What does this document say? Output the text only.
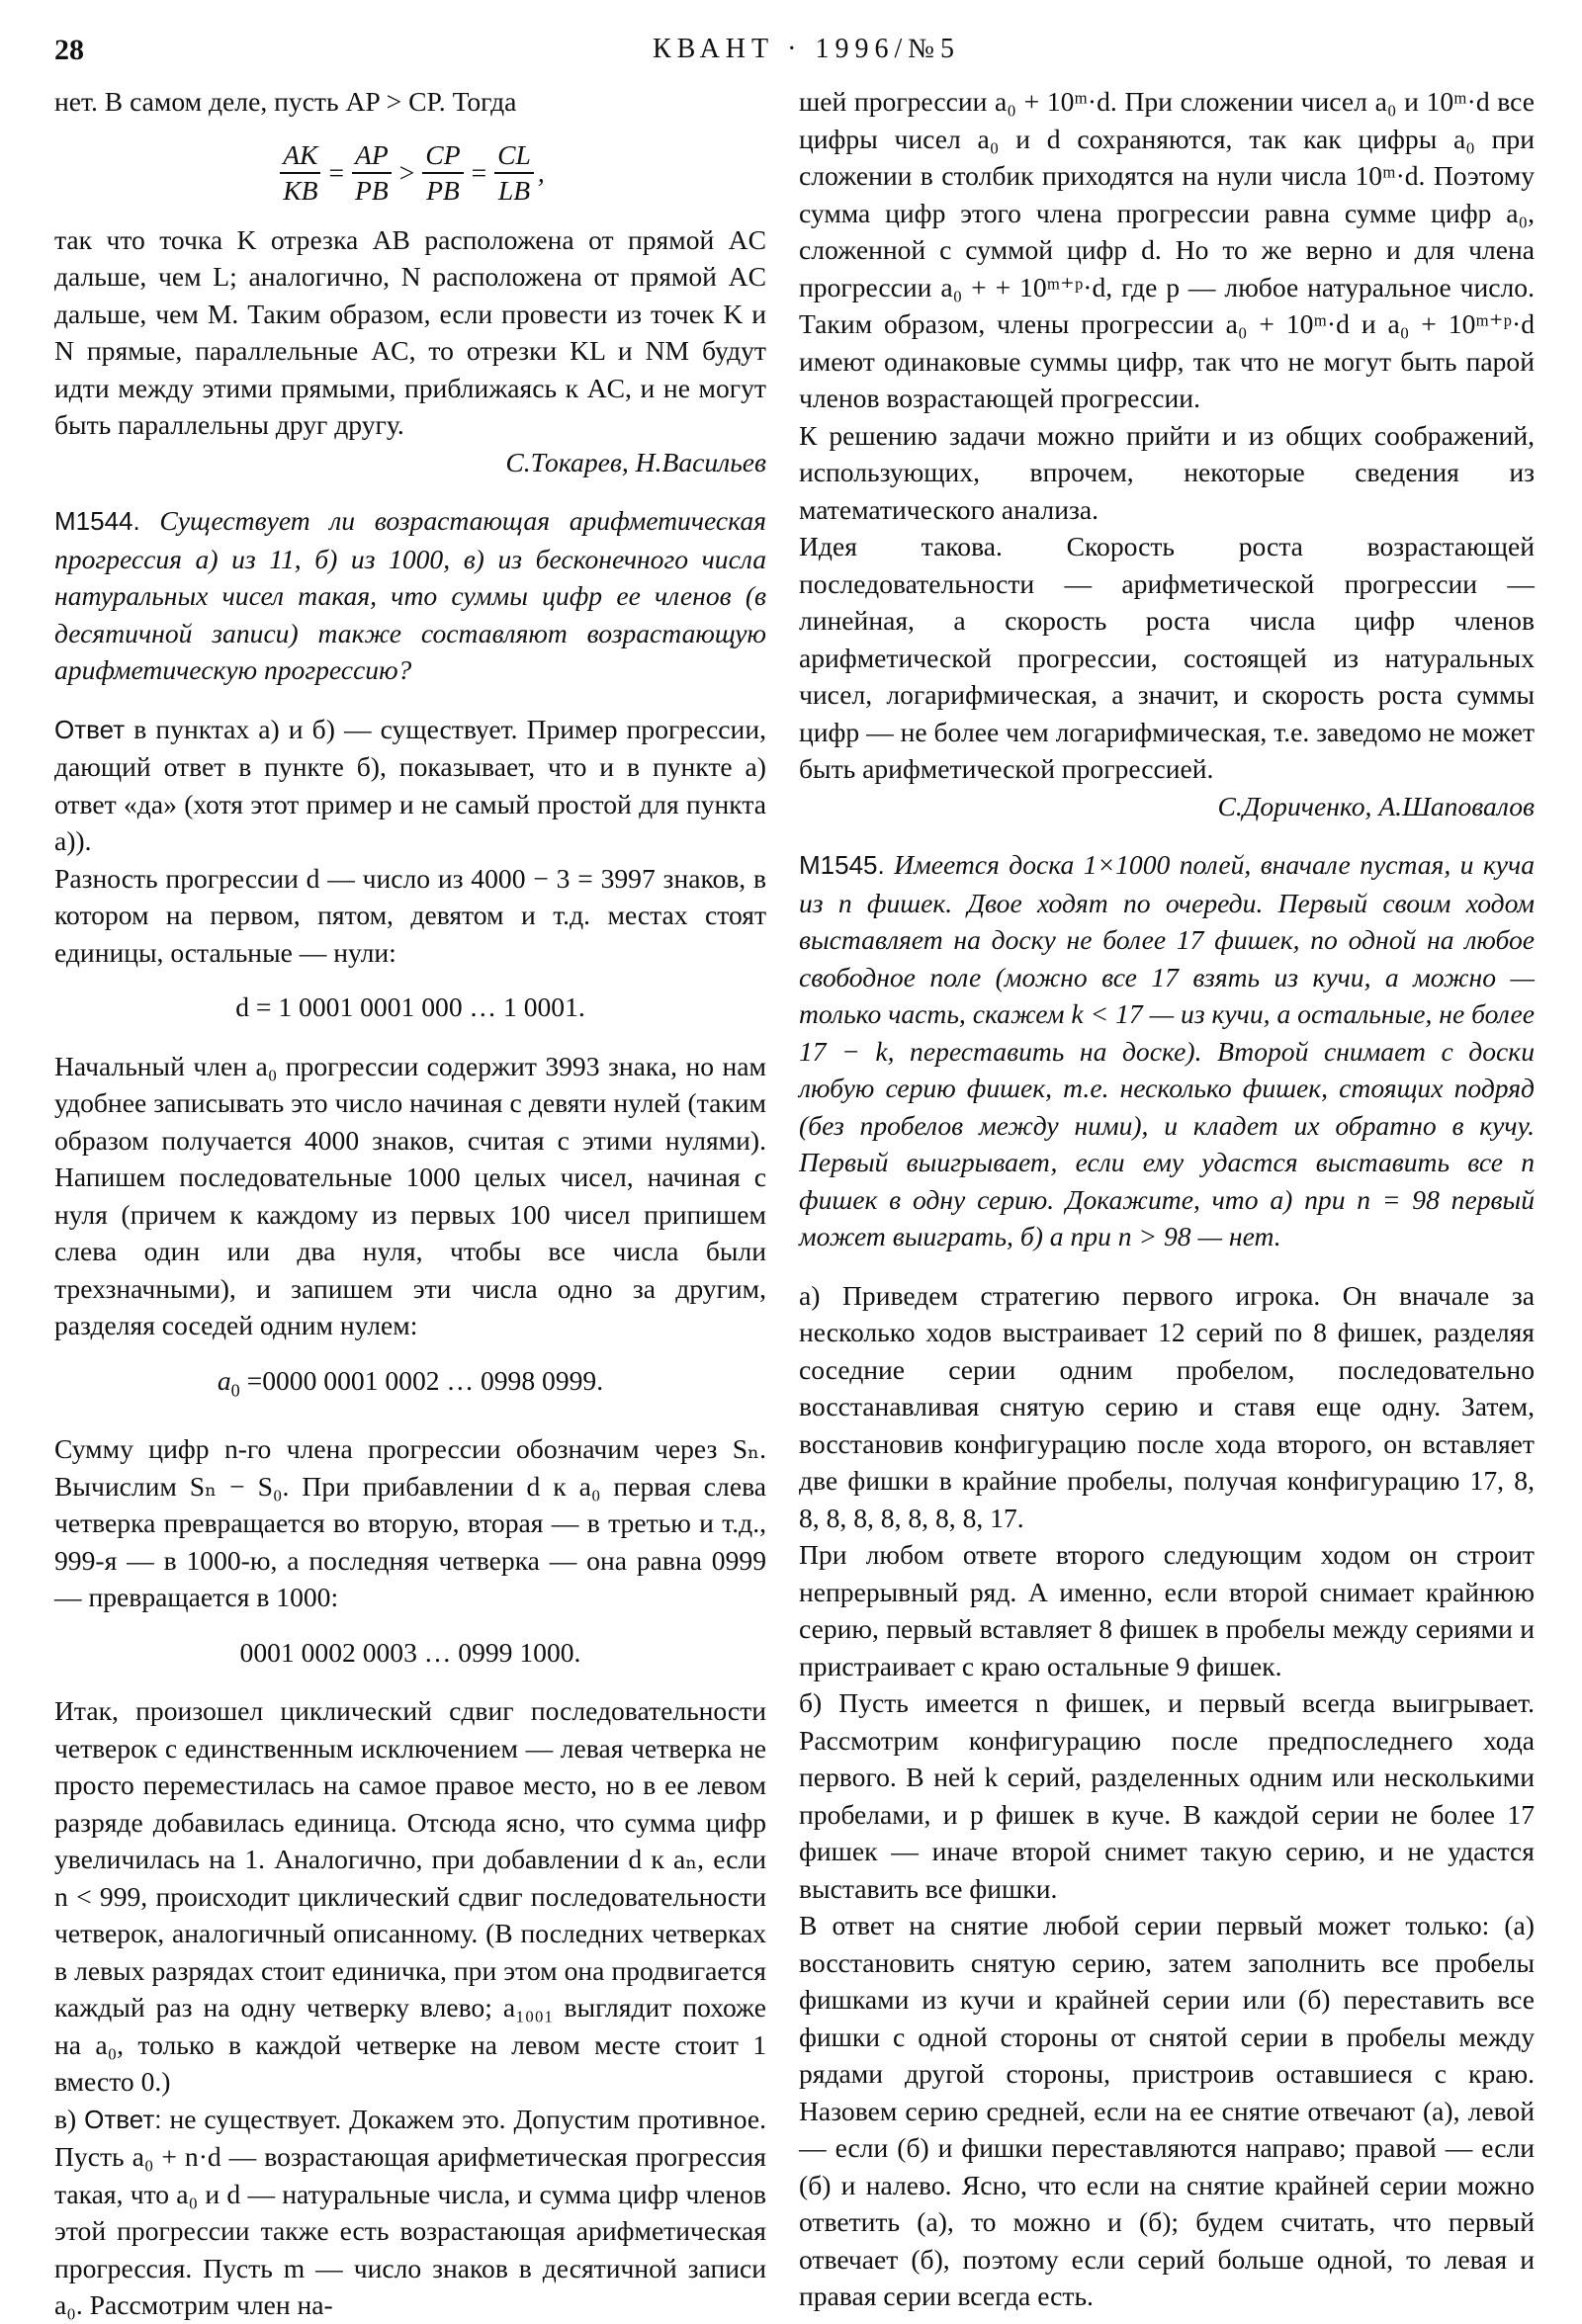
28	КВАНТ · 1996/№5

нет. В самом деле, пусть AP > CP. Тогда

$\frac{AK}{KB} = \frac{AP}{PB} > \frac{CP}{PB} = \frac{CL}{LB}$ ,

так что точка K отрезка AB расположена от прямой AC дальше, чем L; аналогично, N расположена от прямой AC дальше, чем M. Таким образом, если провести из точек K и N прямые, параллельные AC, то отрезки KL и NM будут идти между этими прямыми, приближаясь к AC, и не могут быть параллельны друг другу.

С.Токарев, Н.Васильев

М1544. Существует ли возрастающая арифметическая прогрессия а) из 11, б) из 1000, в) из бесконечного числа натуральных чисел такая, что суммы цифр ее членов (в десятичной записи) также составляют возрастающую арифметическую прогрессию?

Ответ в пунктах а) и б) — существует. Пример прогрессии, дающий ответ в пункте б), показывает, что и в пункте а) ответ «да» (хотя этот пример и не самый простой для пункта а)).

Разность прогрессии d — число из 4000 − 3 = 3997 знаков, в котором на первом, пятом, девятом и т.д. местах стоят единицы, остальные — нули:

d = 1 0001 0001 000 … 1 0001.

Начальный член a₀ прогрессии содержит 3993 знака, но нам удобнее записывать это число начиная с девяти нулей (таким образом получается 4000 знаков, считая с этими нулями). Напишем последовательные 1000 целых чисел, начиная с нуля (причем к каждому из первых 100 чисел припишем слева один или два нуля, чтобы все числа были трехзначными), и запишем эти числа одно за другим, разделяя соседей одним нулем:

$a_0 =0000$ 0001 0002 … 0998 0999.

Сумму цифр n-го члена прогрессии обозначим через Sₙ. Вычислим Sₙ − S₀. При прибавлении d к a₀ первая слева четверка превращается во вторую, вторая — в третью и т.д., 999-я — в 1000-ю, а последняя четверка — она равна 0999 — превращается в 1000:

0001 0002 0003 … 0999 1000.

Итак, произошел циклический сдвиг последовательности четверок с единственным исключением — левая четверка не просто переместилась на самое правое место, но в ее левом разряде добавилась единица. Отсюда ясно, что сумма цифр увеличилась на 1. Аналогично, при добавлении d к aₙ, если n < 999, происходит циклический сдвиг последовательности четверок, аналогичный описанному. (В последних четверках в левых разрядах стоит единичка, при этом она продвигается каждый раз на одну четверку влево; a₁₀₀₁ выглядит похоже на a₀, только в каждой четверке на левом месте стоит 1 вместо 0.)

в) Ответ: не существует. Докажем это. Допустим противное. Пусть a₀ + n·d — возрастающая арифметическая прогрессия такая, что a₀ и d — натуральные числа, и сумма цифр членов этой прогрессии также есть возрастающая арифметическая прогрессия. Пусть m — число знаков в десятичной записи a₀. Рассмотрим член на-

шей прогрессии a₀ + 10ᵐ·d. При сложении чисел a₀ и 10ᵐ·d все цифры чисел a₀ и d сохраняются, так как цифры a₀ при сложении в столбик приходятся на нули числа 10ᵐ·d. Поэтому сумма цифр этого члена прогрессии равна сумме цифр a₀, сложенной с суммой цифр d. Но то же верно и для члена прогрессии a₀ + + 10ᵐ⁺ᵖ·d, где p — любое натуральное число. Таким образом, члены прогрессии a₀ + 10ᵐ·d и a₀ + 10ᵐ⁺ᵖ·d имеют одинаковые суммы цифр, так что не могут быть парой членов возрастающей прогрессии.

К решению задачи можно прийти и из общих соображений, использующих, впрочем, некоторые сведения из математического анализа.

Идея такова. Скорость роста возрастающей последовательности — арифметической прогрессии — линейная, а скорость роста числа цифр членов арифметической прогрессии, состоящей из натуральных чисел, логарифмическая, а значит, и скорость роста суммы цифр — не более чем логарифмическая, т.е. заведомо не может быть арифметической прогрессией.

С.Дориченко, А.Шаповалов

М1545. Имеется доска 1×1000 полей, вначале пустая, и куча из n фишек. Двое ходят по очереди. Первый своим ходом выставляет на доску не более 17 фишек, по одной на любое свободное поле (можно все 17 взять из кучи, а можно — только часть, скажем k < 17 — из кучи, а остальные, не более 17 − k, переставить на доске). Второй снимает с доски любую серию фишек, т.е. несколько фишек, стоящих подряд (без пробелов между ними), и кладет их обратно в кучу. Первый выигрывает, если ему удастся выставить все n фишек в одну серию. Докажите, что а) при n = 98 первый может выиграть, б) а при n > 98 — нет.

а) Приведем стратегию первого игрока. Он вначале за несколько ходов выстраивает 12 серий по 8 фишек, разделяя соседние серии одним пробелом, последовательно восстанавливая снятую серию и ставя еще одну. Затем, восстановив конфигурацию после хода второго, он вставляет две фишки в крайние пробелы, получая конфигурацию 17, 8, 8, 8, 8, 8, 8, 8, 8, 17.

При любом ответе второго следующим ходом он строит непрерывный ряд. А именно, если второй снимает крайнюю серию, первый вставляет 8 фишек в пробелы между сериями и пристраивает с краю остальные 9 фишек.

б) Пусть имеется n фишек, и первый всегда выигрывает. Рассмотрим конфигурацию после предпоследнего хода первого. В ней k серий, разделенных одним или несколькими пробелами, и p фишек в куче. В каждой серии не более 17 фишек — иначе второй снимет такую серию, и не удастся выставить все фишки.

В ответ на снятие любой серии первый может только: (а) восстановить снятую серию, затем заполнить все пробелы фишками из кучи и крайней серии или (б) переставить все фишки с одной стороны от снятой серии в пробелы между рядами другой стороны, пристроив оставшиеся с краю. Назовем серию средней, если на ее снятие отвечают (а), левой — если (б) и фишки переставляются направо; правой — если (б) и налево. Ясно, что если на снятие крайней серии можно ответить (а), то можно и (б); будем считать, что первый отвечает (б), поэтому если серий больше одной, то левая и правая серии всегда есть.
